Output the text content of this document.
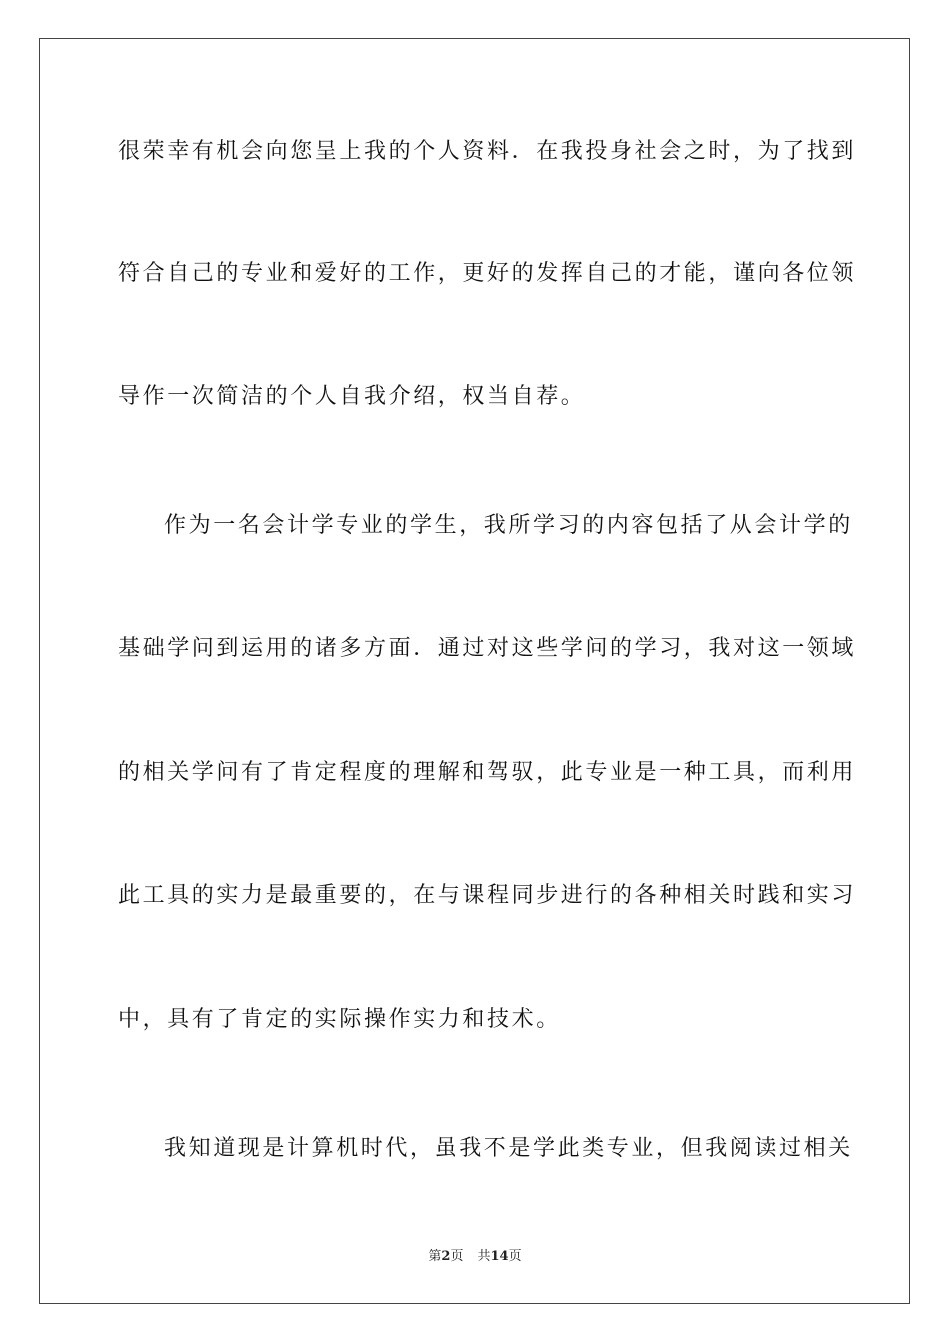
很荣幸有机会向您呈上我的个人资料．在我投身社会之时，为了找到
符合自己的专业和爱好的工作，更好的发挥自己的才能，谨向各位领
导作一次简洁的个人自我介绍，权当自荐。
作为一名会计学专业的学生，我所学习的内容包括了从会计学的
基础学问到运用的诸多方面．通过对这些学问的学习，我对这一领域
的相关学问有了肯定程度的理解和驾驭，此专业是一种工具，而利用
此工具的实力是最重要的，在与课程同步进行的各种相关时践和实习
中，具有了肯定的实际操作实力和技术。
我知道现是计算机时代，虽我不是学此类专业，但我阅读过相关
第2页 共14页
